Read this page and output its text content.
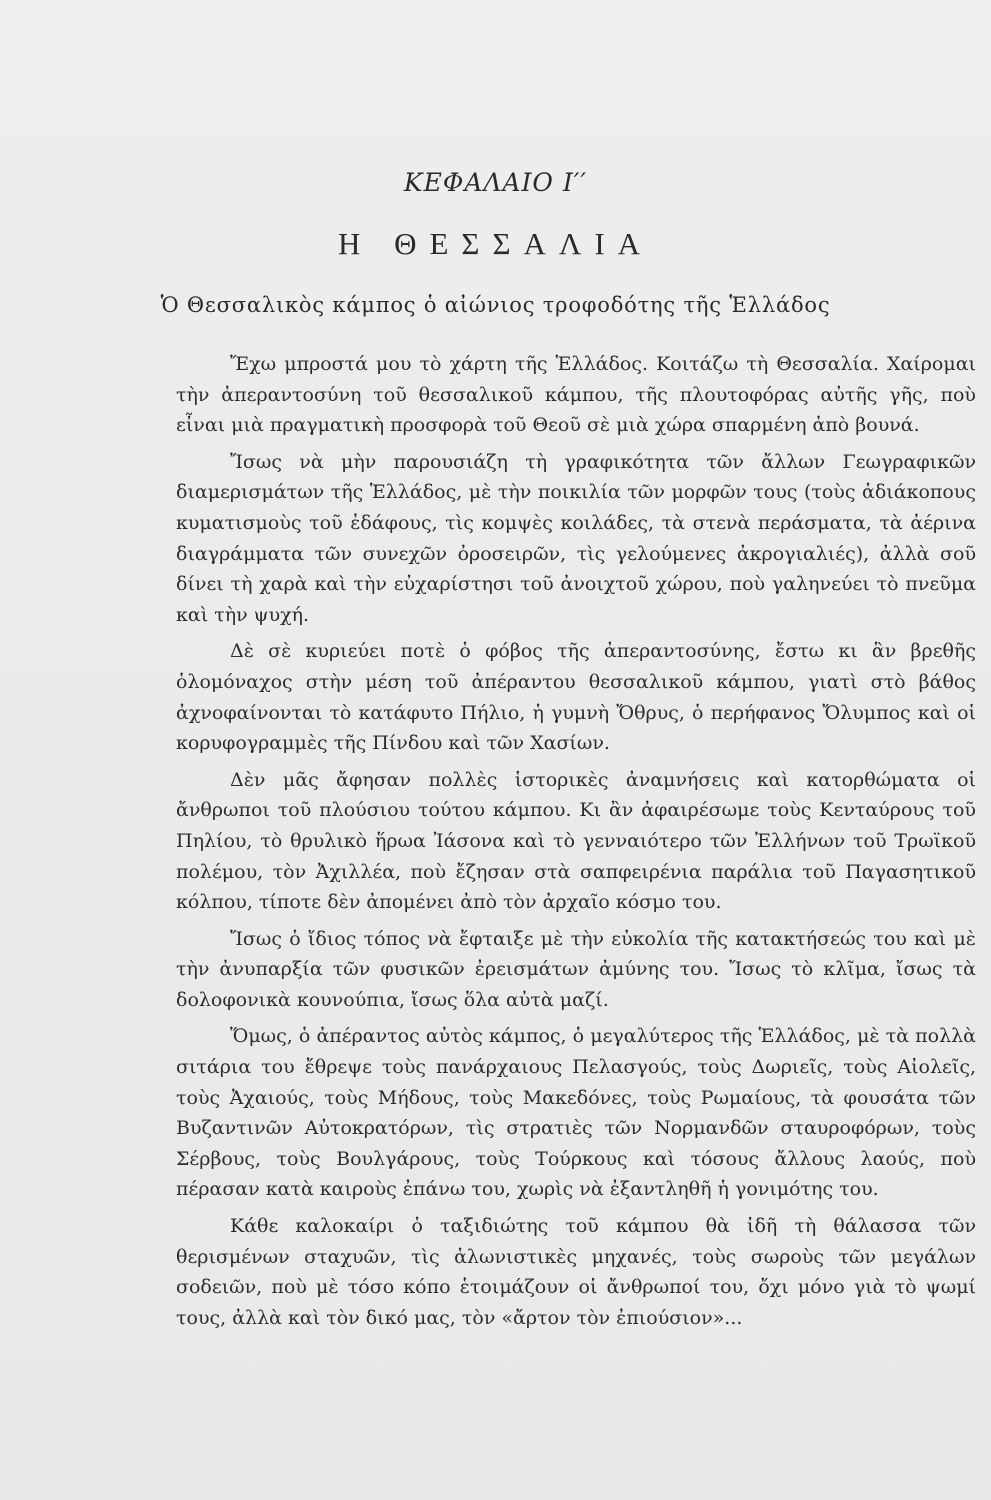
ΚΕΦΑΛΑΙΟ Ι′′
Η ΘΕΣΣΑΛΙΑ
Ὁ Θεσσαλικὸς κάμπος ὁ αἰώνιος τροφοδότης τῆς Ἑλλάδος

Ἔχω μπροστά μου τὸ χάρτη τῆς Ἑλλάδος. Κοιτάζω τὴ Θεσσαλία. Χαίρομαι τὴν ἀπεραντοσύνη τοῦ θεσσαλικοῦ κάμπου, τῆς πλουτοφόρας αὐτῆς γῆς, ποὺ εἶναι μιὰ πραγματικὴ προσφορὰ τοῦ Θεοῦ σὲ μιὰ χώρα σπαρμένη ἀπὸ βουνά.

Ἴσως νὰ μὴν παρουσιάζη τὴ γραφικότητα τῶν ἄλλων Γεωγραφικῶν διαμερισμάτων τῆς Ἑλλάδος, μὲ τὴν ποικιλία τῶν μορφῶν τους (τοὺς ἀδιάκοπους κυματισμοὺς τοῦ ἐδάφους, τὶς κομψὲς κοιλάδες, τὰ στενὰ περάσματα, τὰ ἀέρινα διαγράμματα τῶν συνεχῶν ὀροσειρῶν, τὶς γελούμενες ἀκρογιαλιές), ἀλλὰ σοῦ δίνει τὴ χαρὰ καὶ τὴν εὐχαρίστησι τοῦ ἀνοιχτοῦ χώρου, ποὺ γαληνεύει τὸ πνεῦμα καὶ τὴν ψυχή.

Δὲ σὲ κυριεύει ποτὲ ὁ φόβος τῆς ἀπεραντοσύνης, ἔστω κι ἂν βρεθῆς ὁλομόναχος στὴν μέση τοῦ ἀπέραντου θεσσαλικοῦ κάμπου, γιατὶ στὸ βάθος ἀχνοφαίνονται τὸ κατάφυτο Πήλιο, ἡ γυμνὴ Ὄθρυς, ὁ περήφανος Ὄλυμπος καὶ οἱ κορυφογραμμὲς τῆς Πίνδου καὶ τῶν Χασίων.

Δὲν μᾶς ἄφησαν πολλὲς ἱστορικὲς ἀναμνήσεις καὶ κατορθώματα οἱ ἄνθρωποι τοῦ πλούσιου τούτου κάμπου. Κι ἂν ἀφαιρέσωμε τοὺς Κενταύρους τοῦ Πηλίου, τὸ θρυλικὸ ἥρωα Ἰάσονα καὶ τὸ γενναιότερο τῶν Ἑλλήνων τοῦ Τρωϊκοῦ πολέμου, τὸν Ἀχιλλέα, ποὺ ἔζησαν στὰ σαπφειρένια παράλια τοῦ Παγασητικοῦ κόλπου, τίποτε δὲν ἀπομένει ἀπὸ τὸν ἀρχαῖο κόσμο του.

Ἴσως ὁ ἴδιος τόπος νὰ ἔφταιξε μὲ τὴν εὐκολία τῆς κατακτήσεώς του καὶ μὲ τὴν ἀνυπαρξία τῶν φυσικῶν ἐρεισμάτων ἀμύνης του. Ἴσως τὸ κλῖμα, ἴσως τὰ δολοφονικὰ κουνούπια, ἴσως ὅλα αὐτὰ μαζί.

Ὅμως, ὁ ἀπέραντος αὐτὸς κάμπος, ὁ μεγαλύτερος τῆς Ἑλλάδος, μὲ τὰ πολλὰ σιτάρια του ἔθρεψε τοὺς πανάρχαιους Πελασγούς, τοὺς Δωριεῖς, τοὺς Αἰολεῖς, τοὺς Ἀχαιούς, τοὺς Μήδους, τοὺς Μακεδόνες, τοὺς Ρωμαίους, τὰ φουσάτα τῶν Βυζαντινῶν Αὐτοκρατόρων, τὶς στρατιὲς τῶν Νορμανδῶν σταυροφόρων, τοὺς Σέρβους, τοὺς Βουλγάρους, τοὺς Τούρκους καὶ τόσους ἄλλους λαούς, ποὺ πέρασαν κατὰ καιροὺς ἐπάνω του, χωρὶς νὰ ἐξαντληθῆ ἡ γονιμότης του.

Κάθε καλοκαίρι ὁ ταξιδιώτης τοῦ κάμπου θὰ ἰδῆ τὴ θάλασσα τῶν θερισμένων σταχυῶν, τὶς ἁλωνιστικὲς μηχανές, τοὺς σωροὺς τῶν μεγάλων σοδειῶν, ποὺ μὲ τόσο κόπο ἑτοιμάζουν οἱ ἄνθρωποί του, ὄχι μόνο γιὰ τὸ ψωμί τους, ἀλλὰ καὶ τὸν δικό μας, τὸν «ἄρτον τὸν ἐπιούσιον»...
